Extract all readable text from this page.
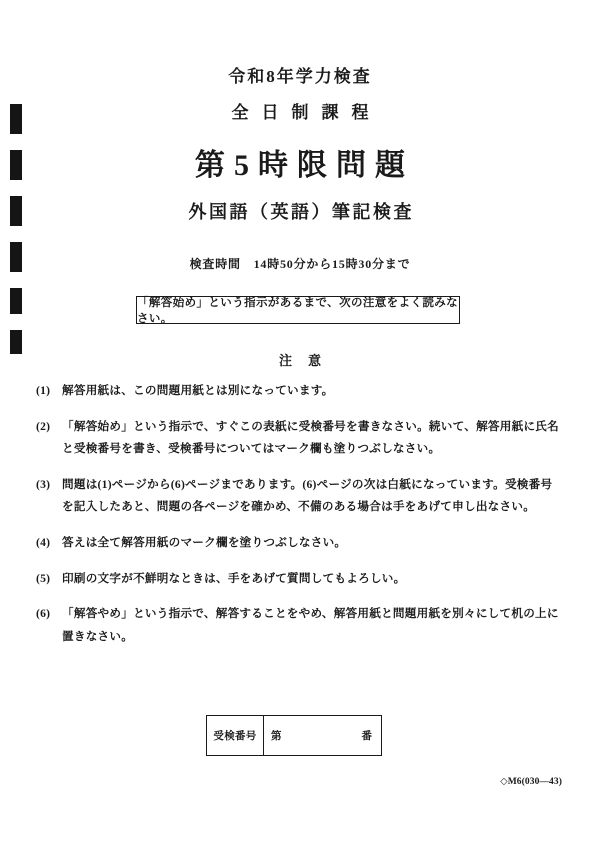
令和8年学力検査
全日制課程
第5時限問題
外国語（英語）筆記検査
検査時間　14時50分から15時30分まで
「解答始め」という指示があるまで、次の注意をよく読みなさい。
注意
(1)	解答用紙は、この問題用紙とは別になっています。
(2)	「解答始め」という指示で、すぐこの表紙に受検番号を書きなさい。続いて、解答用紙に氏名と受検番号を書き、受検番号についてはマーク欄も塗りつぶしなさい。
(3)	問題は(1)ページから(6)ページまであります。(6)ページの次は白紙になっています。受検番号を記入したあと、問題の各ページを確かめ、不備のある場合は手をあげて申し出なさい。
(4)	答えは全て解答用紙のマーク欄を塗りつぶしなさい。
(5)	印刷の文字が不鮮明なときは、手をあげて質問してもよろしい。
(6)	「解答やめ」という指示で、解答することをやめ、解答用紙と問題用紙を別々にして机の上に置きなさい。
受検番号	第	番
◇M6(030—43)
